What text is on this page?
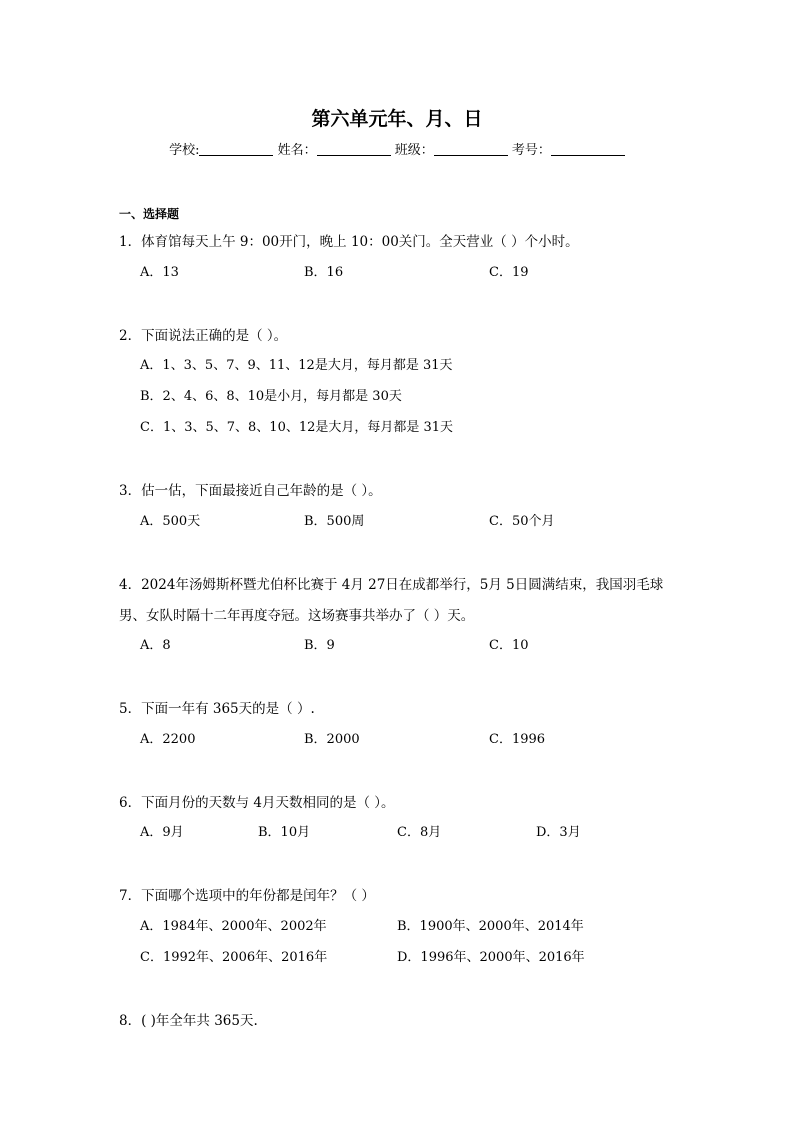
第六单元年、月、日
学校:	姓名：	班级：	考号：
一、选择题
1．体育馆每天上午 9：00开门，晚上 10：00关门。全天营业（ ）个小时。
A．13	B．16	C．19
2．下面说法正确的是（ ）。
A．1、3、5、7、9、11、12是大月，每月都是 31天
B．2、4、6、8、10是小月，每月都是 30天
C．1、3、5、7、8、10、12是大月，每月都是 31天
3．估一估，下面最接近自己年龄的是（ ）。
A．500天	B．500周	C．50个月
4．2024年汤姆斯杯暨尤伯杯比赛于 4月 27日在成都举行，5月 5日圆满结束，我国羽毛球
男、女队时隔十二年再度夺冠。这场赛事共举办了（ ）天。
A．8	B．9	C．10
5．下面一年有 365天的是（ ）.
A．2200	B．2000	C．1996
6．下面月份的天数与 4月天数相同的是（ ）。
A．9月	B．10月	C．8月	D．3月
7．下面哪个选项中的年份都是闰年？（ ）
A．1984年、2000年、2002年	B．1900年、2000年、2014年
C．1992年、2006年、2016年	D．1996年、2000年、2016年
8．( )年全年共 365天.
